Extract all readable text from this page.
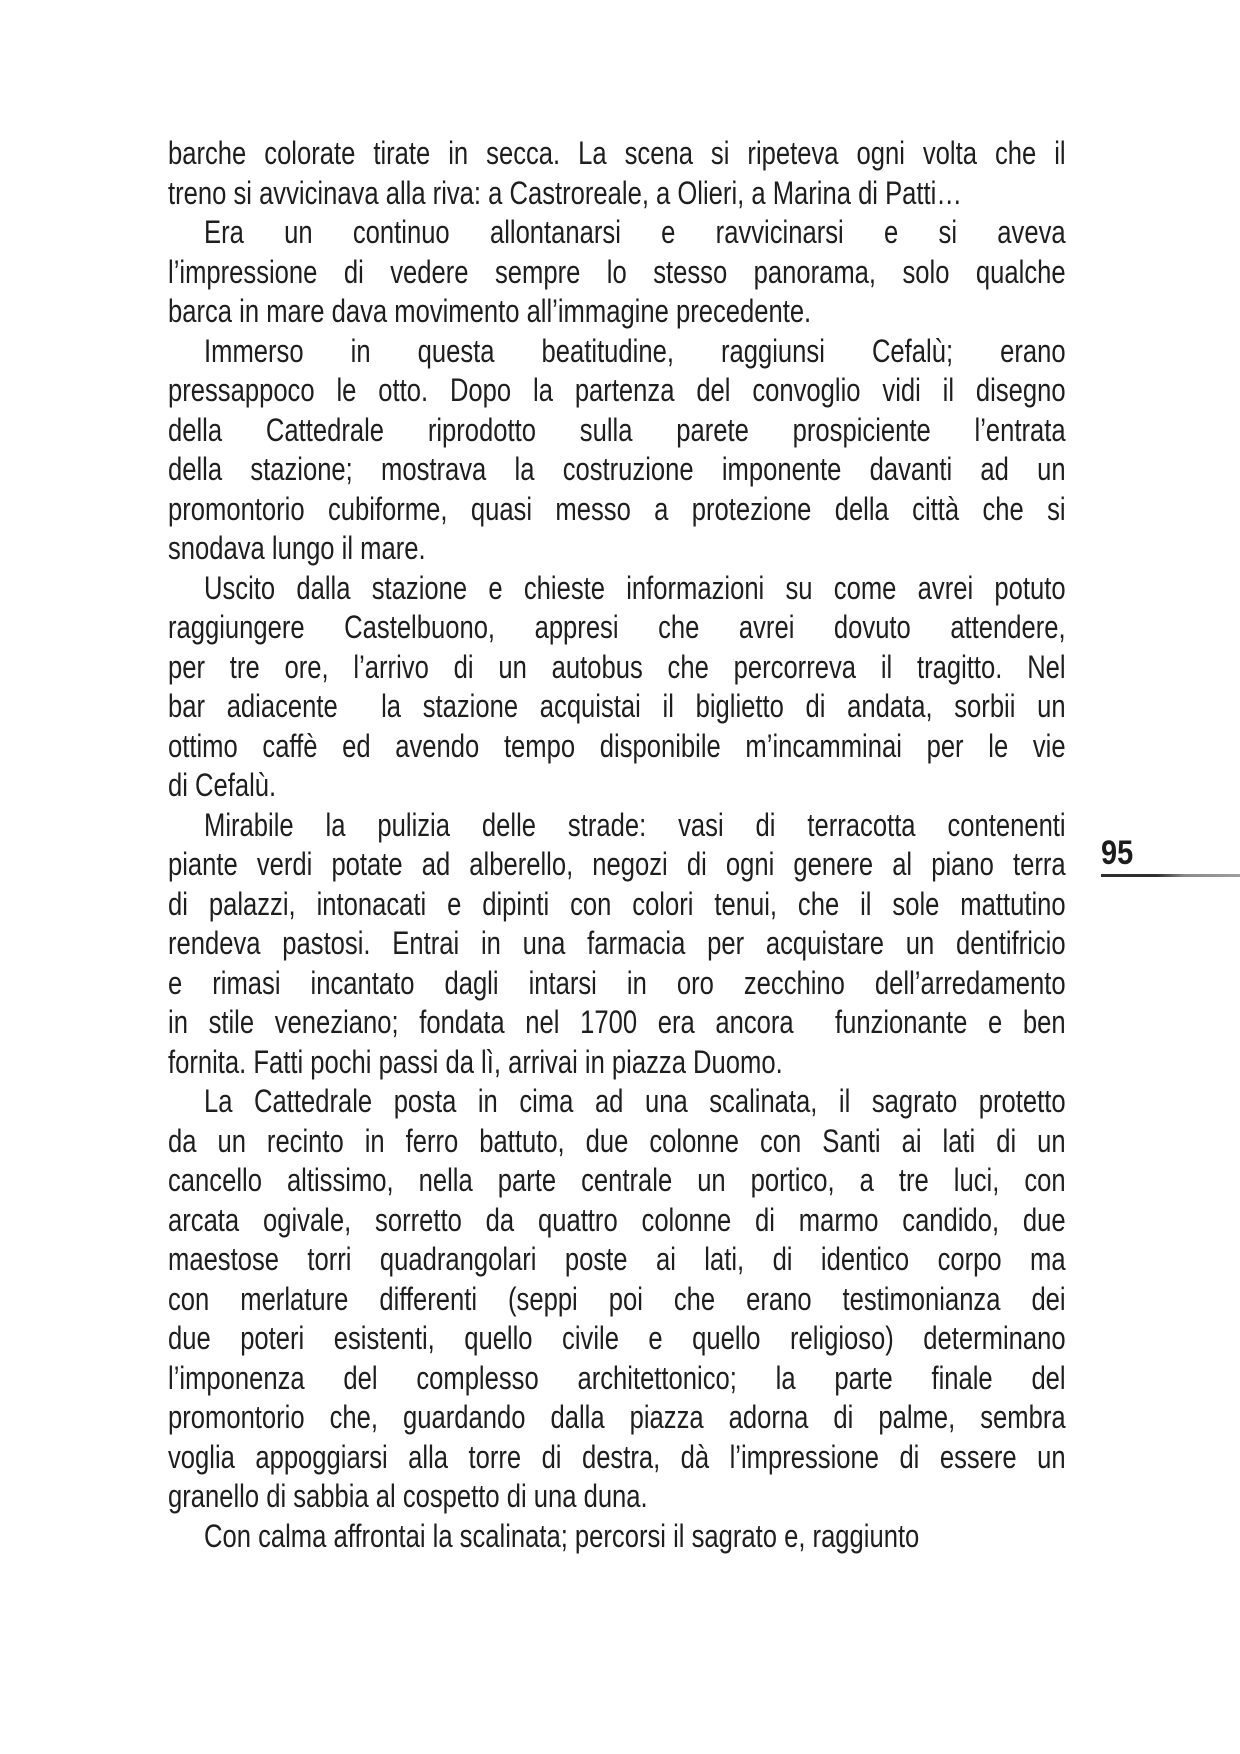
barche colorate tirate in secca. La scena si ripeteva ogni volta che il
treno si avvicinava alla riva: a Castroreale, a Olieri, a Marina di Patti…
Era un continuo allontanarsi e ravvicinarsi e si aveva
l’impressione di vedere sempre lo stesso panorama, solo qualche
barca in mare dava movimento all’immagine precedente.
Immerso in questa beatitudine, raggiunsi Cefalù; erano
pressappoco le otto. Dopo la partenza del convoglio vidi il disegno
della Cattedrale riprodotto sulla parete prospiciente l’entrata
della stazione; mostrava la costruzione imponente davanti ad un
promontorio cubiforme, quasi messo a protezione della città che si
snodava lungo il mare.
Uscito dalla stazione e chieste informazioni su come avrei potuto
raggiungere Castelbuono, appresi che avrei dovuto attendere,
per tre ore, l’arrivo di un autobus che percorreva il tragitto. Nel
bar adiacente  la stazione acquistai il biglietto di andata, sorbii un
ottimo caffè ed avendo tempo disponibile m’incamminai per le vie
di Cefalù.
Mirabile la pulizia delle strade: vasi di terracotta contenenti
piante verdi potate ad alberello, negozi di ogni genere al piano terra
di palazzi, intonacati e dipinti con colori tenui, che il sole mattutino
rendeva pastosi. Entrai in una farmacia per acquistare un dentifricio
e rimasi incantato dagli intarsi in oro zecchino dell’arredamento
in stile veneziano; fondata nel 1700 era ancora  funzionante e ben
fornita. Fatti pochi passi da lì, arrivai in piazza Duomo.
La Cattedrale posta in cima ad una scalinata, il sagrato protetto
da un recinto in ferro battuto, due colonne con Santi ai lati di un
cancello altissimo, nella parte centrale un portico, a tre luci, con
arcata ogivale, sorretto da quattro colonne di marmo candido, due
maestose torri quadrangolari poste ai lati, di identico corpo ma
con merlature differenti (seppi poi che erano testimonianza dei
due poteri esistenti, quello civile e quello religioso) determinano
l’imponenza del complesso architettonico; la parte finale del
promontorio che, guardando dalla piazza adorna di palme, sembra
voglia appoggiarsi alla torre di destra, dà l’impressione di essere un
granello di sabbia al cospetto di una duna.
Con calma affrontai la scalinata; percorsi il sagrato e, raggiunto
95
